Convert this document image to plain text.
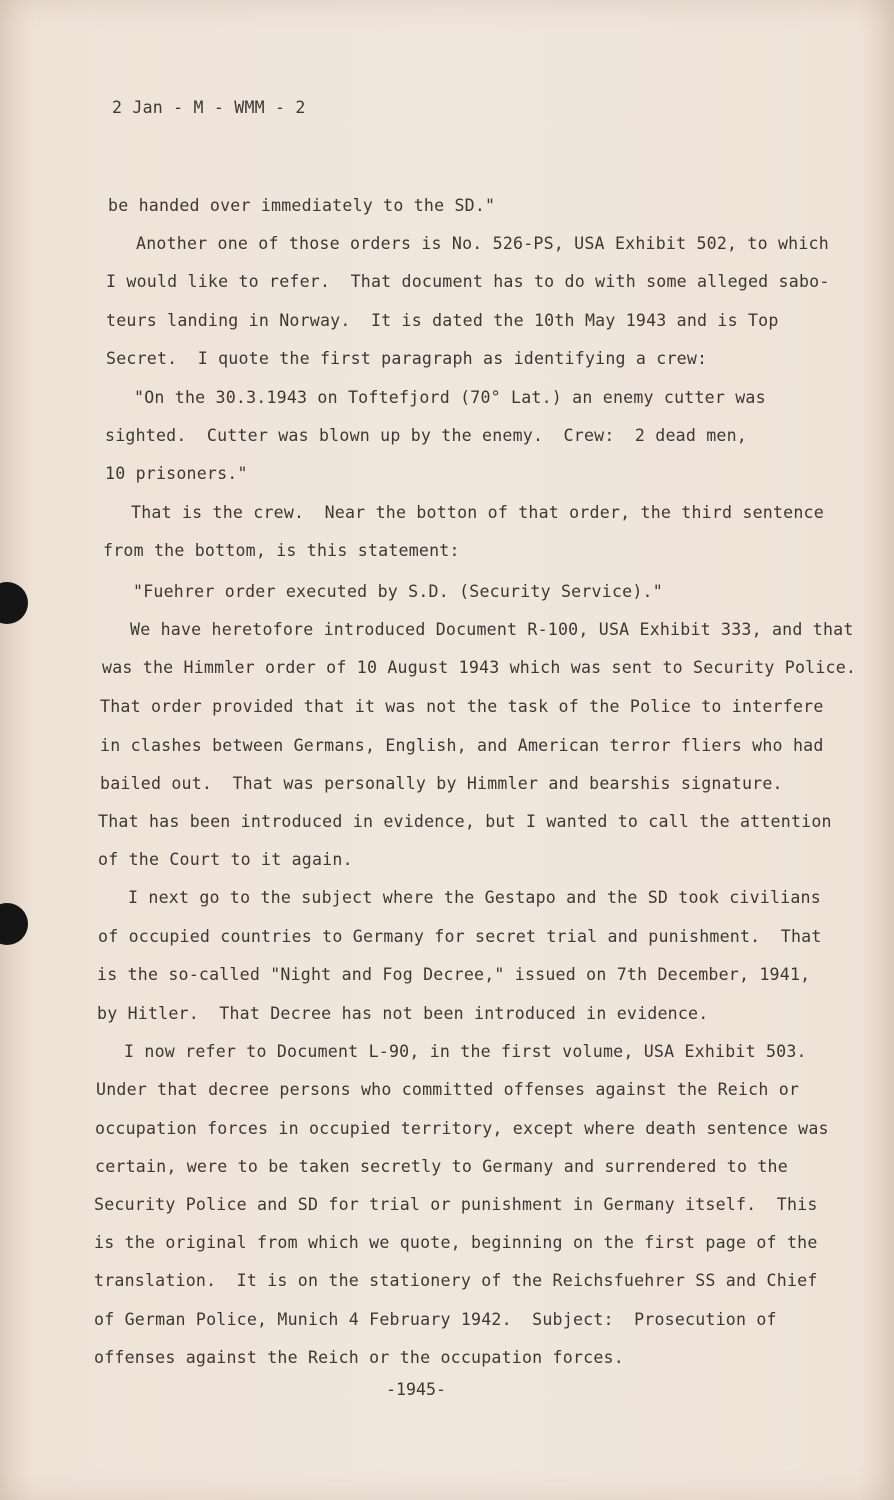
2 Jan - M - WMM - 2
be handed over immediately to the SD."
Another one of those orders is No. 526-PS, USA Exhibit 502, to which
I would like to refer.  That document has to do with some alleged sabo-
teurs landing in Norway.  It is dated the 10th May 1943 and is Top
Secret.  I quote the first paragraph as identifying a crew:
"On the 30.3.1943 on Toftefjord (70° Lat.) an enemy cutter was
sighted.  Cutter was blown up by the enemy.  Crew:  2 dead men,
10 prisoners."
That is the crew.  Near the botton of that order, the third sentence
from the bottom, is this statement:
"Fuehrer order executed by S.D. (Security Service)."
We have heretofore introduced Document R-100, USA Exhibit 333, and that
was the Himmler order of 10 August 1943 which was sent to Security Police.
That order provided that it was not the task of the Police to interfere
in clashes between Germans, English, and American terror fliers who had
bailed out.  That was personally by Himmler and bearshis signature.
That has been introduced in evidence, but I wanted to call the attention
of the Court to it again.
I next go to the subject where the Gestapo and the SD took civilians
of occupied countries to Germany for secret trial and punishment.  That
is the so-called "Night and Fog Decree," issued on 7th December, 1941,
by Hitler.  That Decree has not been introduced in evidence.
I now refer to Document L-90, in the first volume, USA Exhibit 503.
Under that decree persons who committed offenses against the Reich or
occupation forces in occupied territory, except where death sentence was
certain, were to be taken secretly to Germany and surrendered to the
Security Police and SD for trial or punishment in Germany itself.  This
is the original from which we quote, beginning on the first page of the
translation.  It is on the stationery of the Reichsfuehrer SS and Chief
of German Police, Munich 4 February 1942.  Subject:  Prosecution of
offenses against the Reich or the occupation forces.
-1945-
